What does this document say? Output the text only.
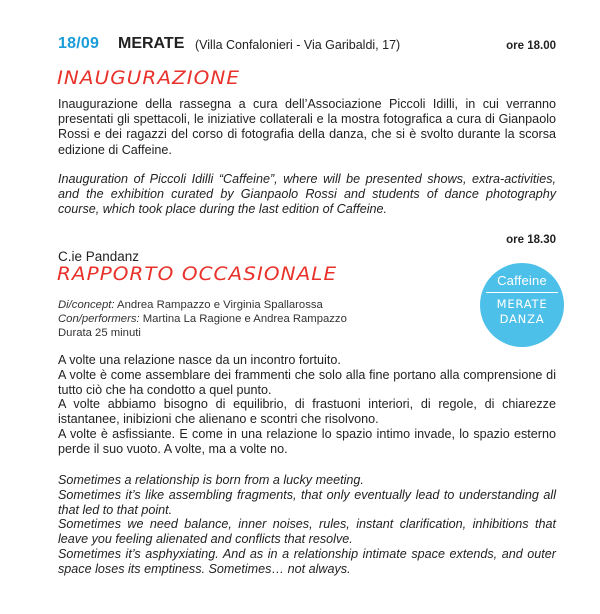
18/09 MERATE (Villa Confalonieri - Via Garibaldi, 17)	ore 18.00
INAUGURAZIONE
Inaugurazione della rassegna a cura dell’Associazione Piccoli Idilli, in cui verranno presentati gli spettacoli, le iniziative collaterali e la mostra fotografica a cura di Gianpaolo Rossi e dei ragazzi del corso di fotografia della danza, che si è svolto durante la scorsa edizione di Caffeine.
Inauguration of Piccoli Idilli “Caffeine”, where will be presented shows, extra-activities, and the exhibition curated by Gianpaolo Rossi and students of dance photography course, which took place during the last edition of Caffeine.
ore 18.30
C.ie Pandanz
RAPPORTO OCCASIONALE
Di/concept: Andrea Rampazzo e Virginia Spallarossa
Con/performers: Martina La Ragione e Andrea Rampazzo
Durata 25 minuti
Caffeine
MERATE
DANZA

A volte una relazione nasce da un incontro fortuito.

A volte è come assemblare dei frammenti che solo alla fine portano alla comprensione di tutto ciò che ha condotto a quel punto.

A volte abbiamo bisogno di equilibrio, di frastuoni interiori, di regole, di chiarezze istantanee, inibizioni che alienano e scontri che risolvono.

A volte è asfissiante. E come in una relazione lo spazio intimo invade, lo spazio esterno perde il suo vuoto. A volte, ma a volte no.

Sometimes a relationship is born from a lucky meeting.

Sometimes it’s like assembling fragments, that only eventually lead to understanding all that led to that point.

Sometimes we need balance, inner noises, rules, instant clarification, inhibitions that leave you feeling alienated and conflicts that resolve.

Sometimes it’s asphyxiating. And as in a relationship intimate space extends, and outer space loses its emptiness. Sometimes… not always.
